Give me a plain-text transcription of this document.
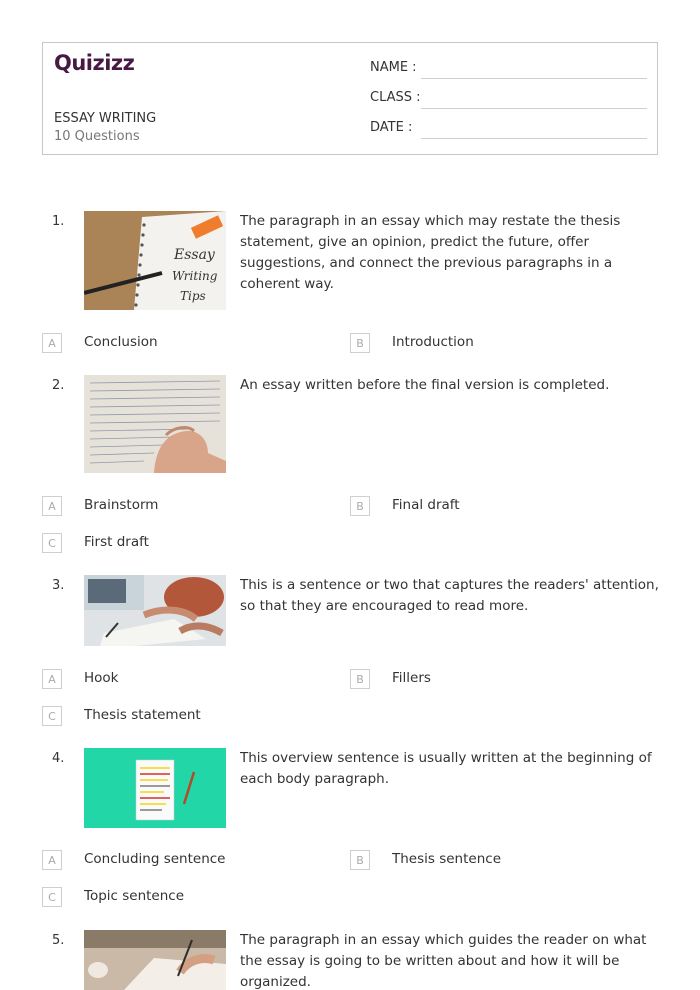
Quizizz
ESSAY WRITING
10 Questions
NAME :
CLASS :
DATE :
1.
Essay
Writing
Tips
The paragraph in an essay which may restate the thesis statement, give an opinion, predict the future, offer suggestions, and connect the previous paragraphs in a coherent way.
A	Conclusion	B	Introduction
2.	An essay written before the final version is completed.
A	Brainstorm	B	Final draft
C	First draft
3.	This is a sentence or two that captures the readers' attention, so that they are encouraged to read more.
A	Hook	B	Fillers
C	Thesis statement
4.	This overview sentence is usually written at the beginning of each body paragraph.
A	Concluding sentence	B	Thesis sentence
C	Topic sentence
5.	The paragraph in an essay which guides the reader on what the essay is going to be written about and how it will be organized.
